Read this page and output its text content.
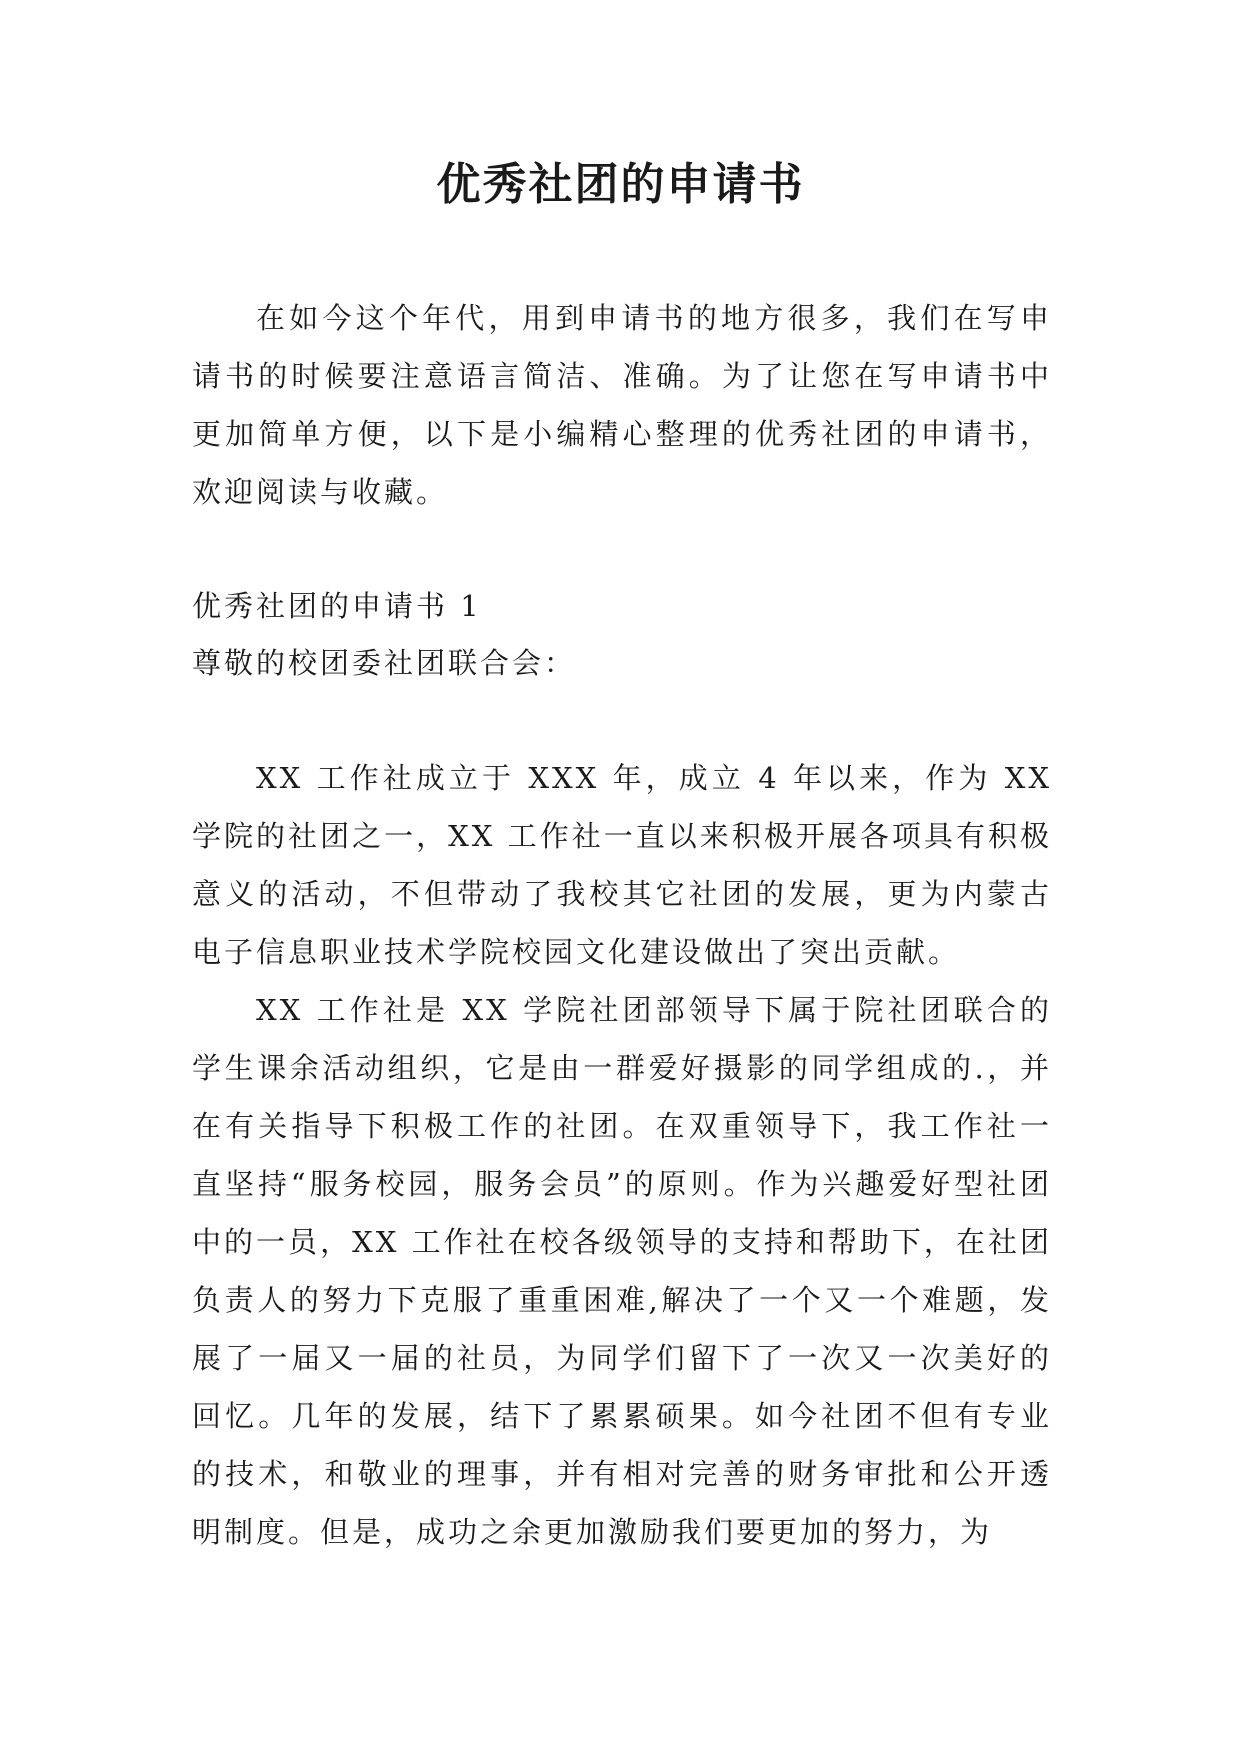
优秀社团的申请书

在如今这个年代，用到申请书的地方很多，我们在写申请书的时候要注意语言简洁、准确。为了让您在写申请书中更加简单方便，以下是小编精心整理的优秀社团的申请书，欢迎阅读与收藏。

优秀社团的申请书 1

尊敬的校团委社团联合会：

XX 工作社成立于 XXX 年，成立 4 年以来，作为 XX 学院的社团之一，XX 工作社一直以来积极开展各项具有积极意义的活动，不但带动了我校其它社团的发展，更为内蒙古电子信息职业技术学院校园文化建设做出了突出贡献。

XX 工作社是 XX 学院社团部领导下属于院社团联合的学生课余活动组织，它是由一群爱好摄影的同学组成的.，并在有关指导下积极工作的社团。在双重领导下，我工作社一直坚持“服务校园，服务会员”的原则。作为兴趣爱好型社团中的一员，XX 工作社在校各级领导的支持和帮助下，在社团负责人的努力下克服了重重困难,解决了一个又一个难题，发展了一届又一届的社员，为同学们留下了一次又一次美好的回忆。几年的发展，结下了累累硕果。如今社团不但有专业的技术，和敬业的理事，并有相对完善的财务审批和公开透明制度。但是，成功之余更加激励我们要更加的努力，为
